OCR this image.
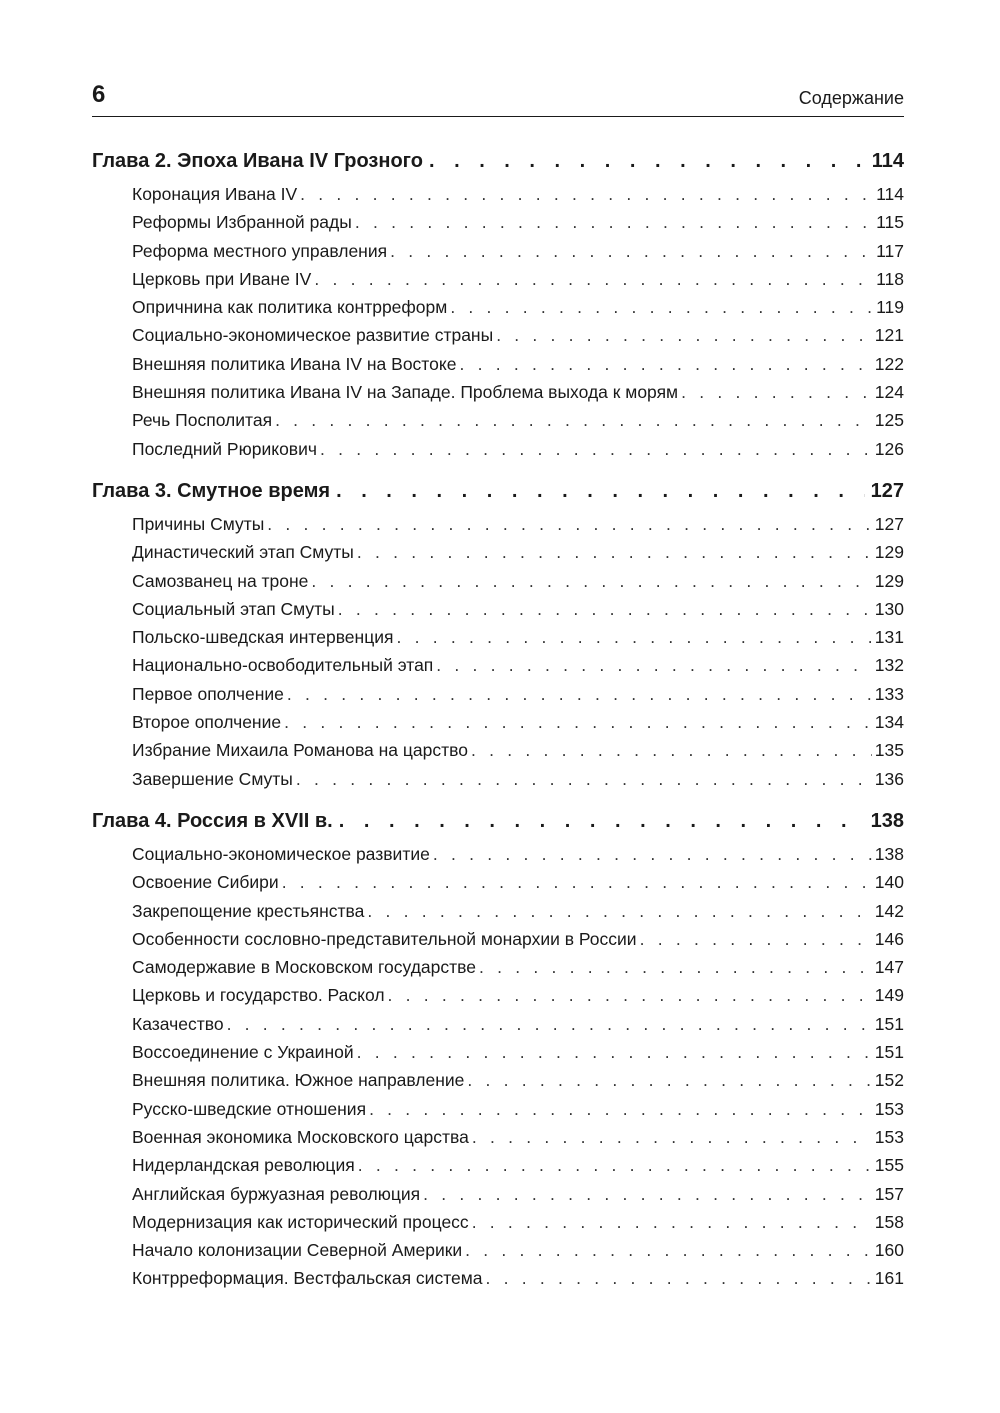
6	Содержание
Глава 2. Эпоха Ивана IV Грозного . . .	114
Коронация Ивана IV . . .	114
Реформы Избранной рады . . .	115
Реформа местного управления . . .	117
Церковь при Иване IV . . .	118
Опричнина как политика контрреформ . . .	119
Социально-экономическое развитие страны . . .	121
Внешняя политика Ивана IV на Востоке . . .	122
Внешняя политика Ивана IV на Западе. Проблема выхода к морям . . .	124
Речь Посполитая . . .	125
Последний Рюрикович . . .	126
Глава 3. Смутное время . . .	127
Причины Смуты . . .	127
Династический этап Смуты . . .	129
Самозванец на троне . . .	129
Социальный этап Смуты . . .	130
Польско-шведская интервенция . . .	131
Национально-освободительный этап . . .	132
Первое ополчение . . .	133
Второе ополчение . . .	134
Избрание Михаила Романова на царство . . .	135
Завершение Смуты . . .	136
Глава 4. Россия в XVII в. . . .	138
Социально-экономическое развитие . . .	138
Освоение Сибири . . .	140
Закрепощение крестьянства . . .	142
Особенности сословно-представительной монархии в России . . .	146
Самодержавие в Московском государстве . . .	147
Церковь и государство. Раскол . . .	149
Казачество . . .	151
Воссоединение с Украиной . . .	151
Внешняя политика. Южное направление . . .	152
Русско-шведские отношения . . .	153
Военная экономика Московского царства . . .	153
Нидерландская революция . . .	155
Английская буржуазная революция . . .	157
Модернизация как исторический процесс . . .	158
Начало колонизации Северной Америки . . .	160
Контрреформация. Вестфальская система . . .	161
